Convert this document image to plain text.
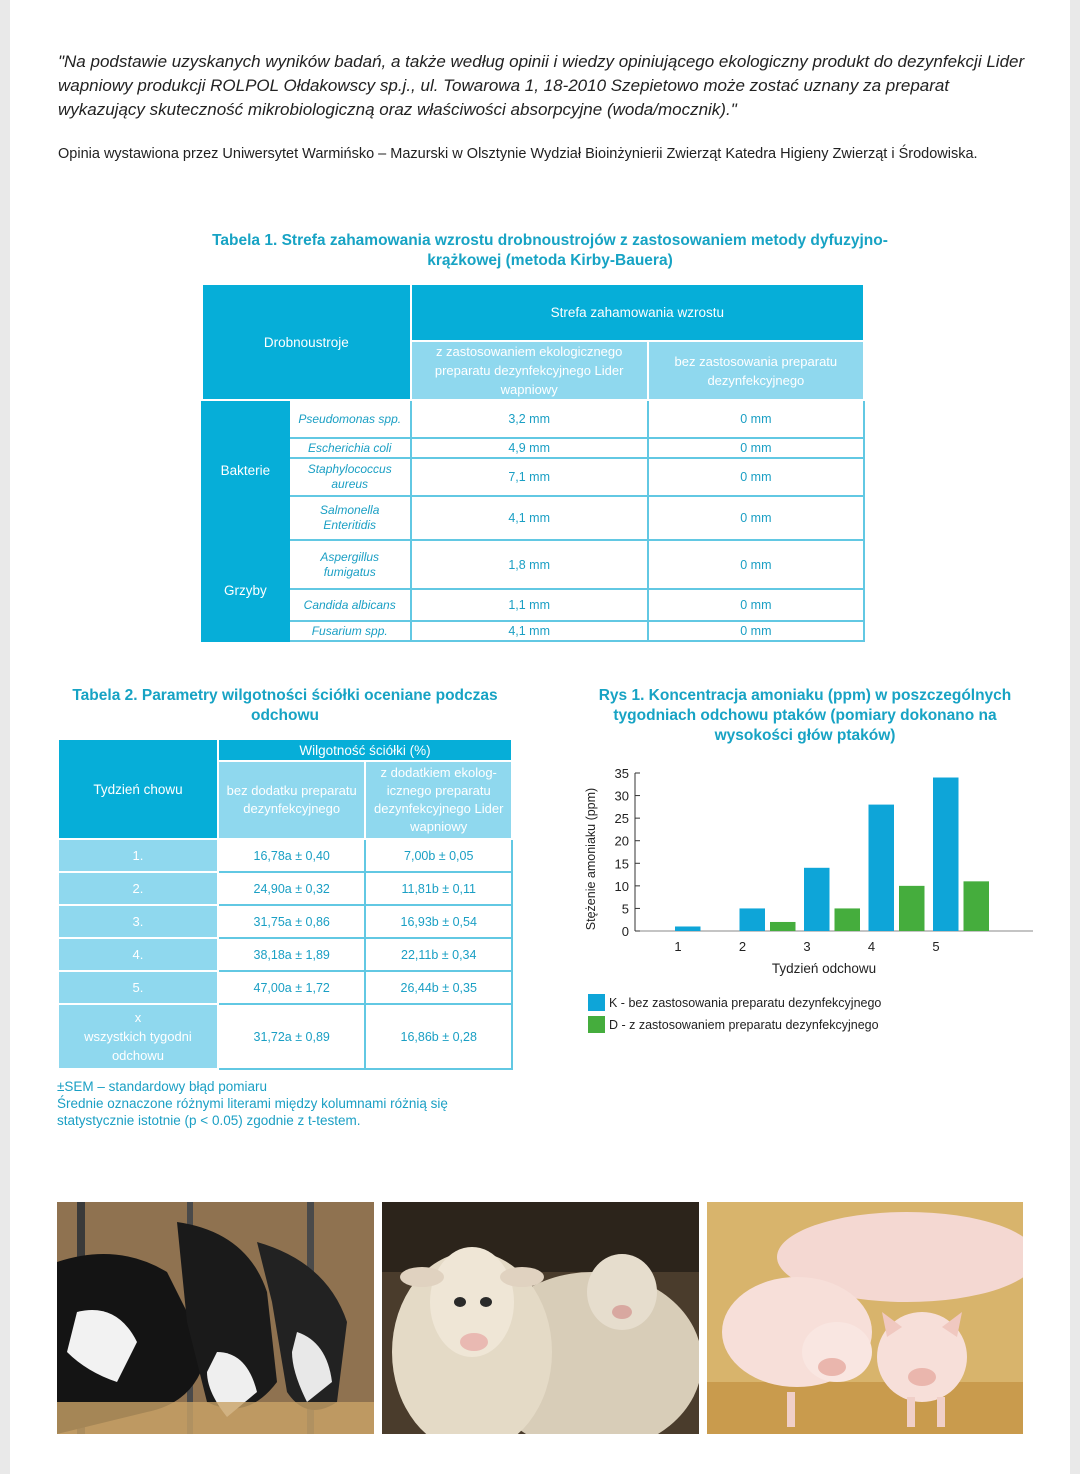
"Na podstawie uzyskanych wyników badań, a także według opinii i wiedzy opiniującego ekologiczny produkt do dezynfekcji Lider wapniowy produkcji ROLPOL Ołdakowscy sp.j., ul. Towarowa 1, 18-2010 Szepietowo może zostać uznany za preparat wykazujący skuteczność mikrobiologiczną oraz właściwości absorpcyjne (woda/mocznik)."
Opinia wystawiona przez Uniwersytet Warmińsko – Mazurski w Olsztynie Wydział Bioinżynierii Zwierząt Katedra Higieny Zwierząt i Środowiska.
Tabela 1. Strefa zahamowania wzrostu drobnoustrojów z zastosowaniem metody dyfuzyjno-krążkowej (metoda Kirby-Bauera)
Drobnoustroje		Strefa zahamowania wzrostu	
		z zastosowaniem ekologicznego preparatu dezynfekcyjnego Lider wapniowy	bez zastosowania preparatu dezynfekcyjnego
Bakterie	Pseudomonas spp.	3,2 mm	0 mm
	Escherichia coli	4,9 mm	0 mm
	Staphylococcus aureus	7,1 mm	0 mm
	Salmonella Enteritidis	4,1 mm	0 mm
Grzyby	Aspergillus fumigatus	1,8 mm	0 mm
	Candida albicans	1,1 mm	0 mm
	Fusarium spp.	4,1 mm	0 mm
Tabela 2. Parametry wilgotności ściółki oceniane podczas odchowu
Tydzień chowu	Wilgotność ściółki (%)	
	bez dodatku preparatu dezynfekcyjnego	z dodatkiem ekolog-icznego preparatu dezynfekcyjnego Lider wapniowy
1.	16,78a ± 0,40	7,00b ± 0,05
2.	24,90a ± 0,32	11,81b ± 0,11
3.	31,75a ± 0,86	16,93b ± 0,54
4.	38,18a ± 1,89	22,11b ± 0,34
5.	47,00a ± 1,72	26,44b ± 0,35
x
wszystkich tygodni odchowu	31,72a ± 0,89	16,86b ± 0,28
±SEM – standardowy błąd pomiaru
Średnie oznaczone różnymi literami między kolumnami różnią się statystycznie istotnie (p < 0.05) zgodnie z t-testem.
Rys 1. Koncentracja amoniaku (ppm) w poszczególnych tygodniach odchowu ptaków (pomiary dokonano na wysokości głów ptaków)
0
5
10
15
20
25
30
35
Stężenie amoniaku (ppm)
1	2	3	4	5
Tydzień odchowu
K - bez zastosowania preparatu dezynfekcyjnego
D - z zastosowaniem preparatu dezynfekcyjnego
